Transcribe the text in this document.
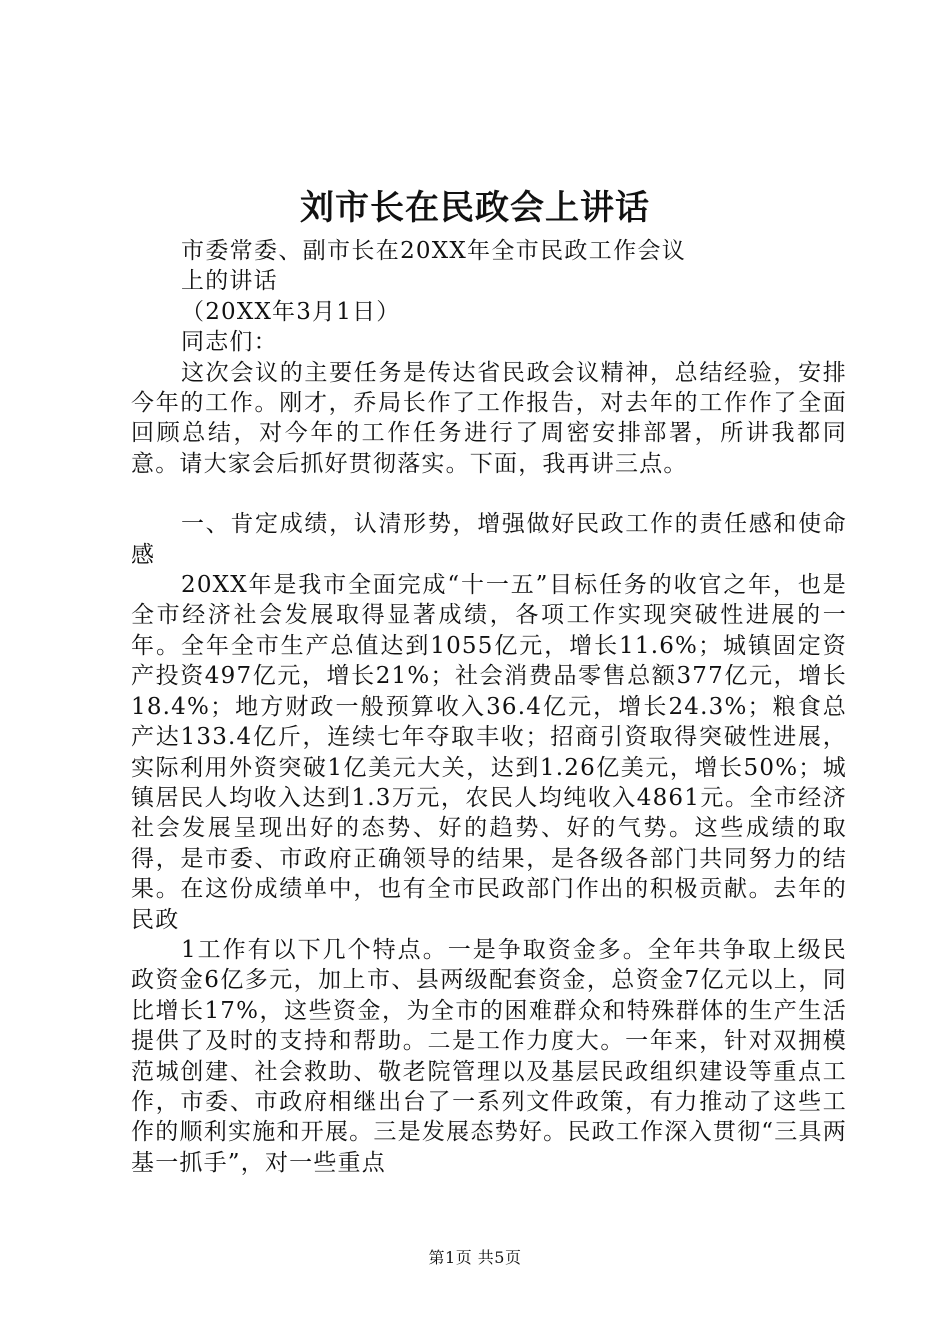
刘市长在民政会上讲话

市委常委、副市长在20XX年全市民政工作会议上的讲话

（20XX年3月1日）

同志们：

这次会议的主要任务是传达省民政会议精神，总结经验，安排今年的工作。刚才，乔局长作了工作报告，对去年的工作作了全面回顾总结，对今年的工作任务进行了周密安排部署，所讲我都同意。请大家会后抓好贯彻落实。下面，我再讲三点。

一、肯定成绩，认清形势，增强做好民政工作的责任感和使命感

20XX年是我市全面完成“十一五”目标任务的收官之年，也是全市经济社会发展取得显著成绩，各项工作实现突破性进展的一年。全年全市生产总值达到1055亿元，增长11.6%；城镇固定资产投资497亿元，增长21%；社会消费品零售总额377亿元，增长18.4%；地方财政一般预算收入36.4亿元，增长24.3%；粮食总产达133.4亿斤，连续七年夺取丰收；招商引资取得突破性进展，实际利用外资突破1亿美元大关，达到1.26亿美元，增长50%；城镇居民人均收入达到1.3万元，农民人均纯收入4861元。全市经济社会发展呈现出好的态势、好的趋势、好的气势。这些成绩的取得，是市委、市政府正确领导的结果，是各级各部门共同努力的结果。在这份成绩单中，也有全市民政部门作出的积极贡献。去年的民政

1工作有以下几个特点。一是争取资金多。全年共争取上级民政资金6亿多元，加上市、县两级配套资金，总资金7亿元以上，同比增长17%，这些资金，为全市的困难群众和特殊群体的生产生活提供了及时的支持和帮助。二是工作力度大。一年来，针对双拥模范城创建、社会救助、敬老院管理以及基层民政组织建设等重点工作，市委、市政府相继出台了一系列文件政策，有力推动了这些工作的顺利实施和开展。三是发展态势好。民政工作深入贯彻“三具两基一抓手”，对一些重点

第1页 共5页
